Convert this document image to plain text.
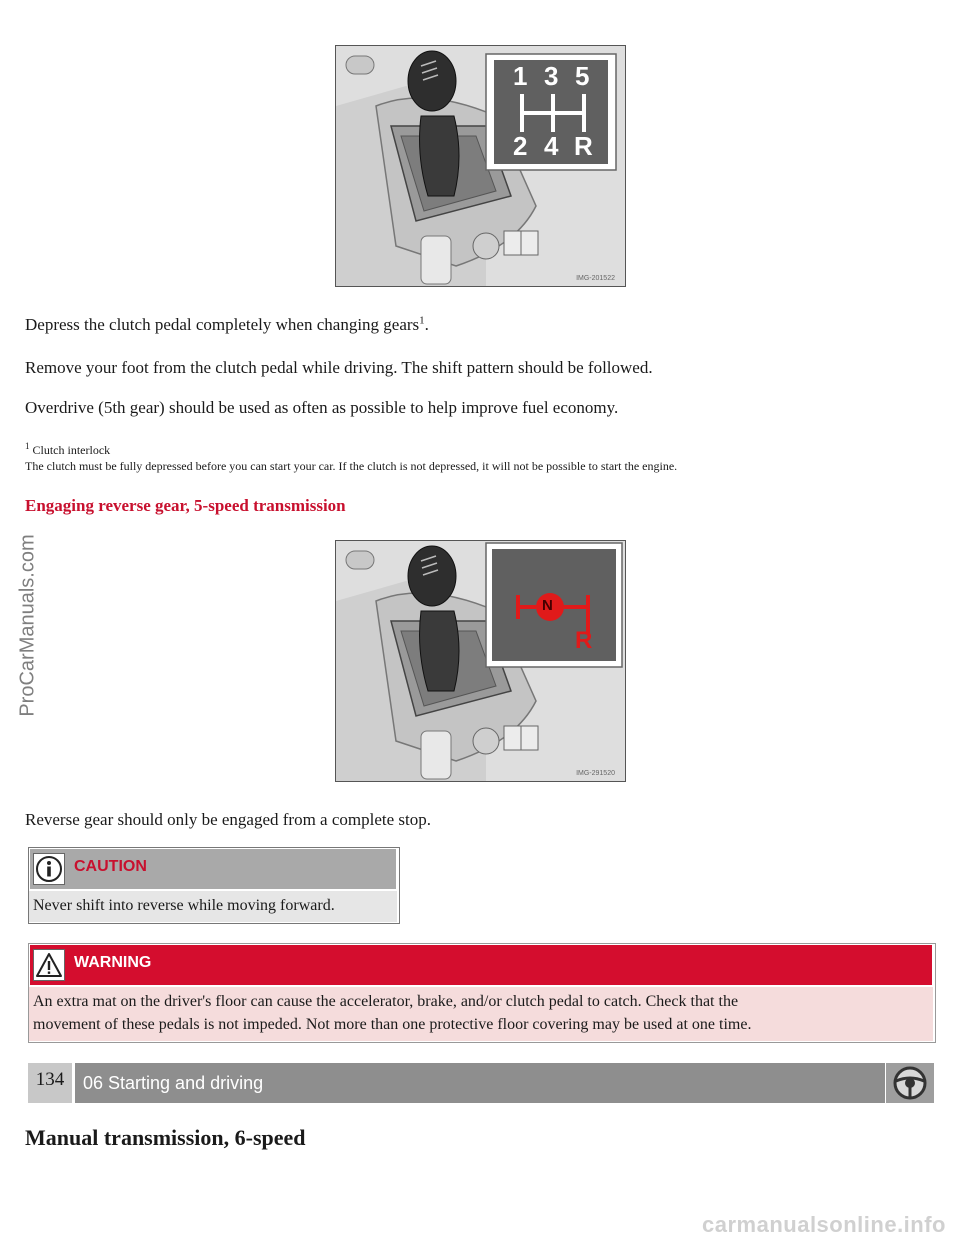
1 3 5
2 4 R
IMG-201522
Depress the clutch pedal completely when changing gears$^1$.
Remove your foot from the clutch pedal while driving. The shift pattern should be followed.
Overdrive (5th gear) should be used as often as possible to help improve fuel economy.
$^1$ Clutch interlock
The clutch must be fully depressed before you can start your car. If the clutch is not depressed, it will not be possible to start the engine.
Engaging reverse gear, 5-speed transmission
N
R
IMG-291520
Reverse gear should only be engaged from a complete stop.
CAUTION
Never shift into reverse while moving forward.
WARNING
An extra mat on the driver's floor can cause the accelerator, brake, and/or clutch pedal to catch. Check that the
movement of these pedals is not impeded. Not more than one protective floor covering may be used at one time.
134	06 Starting and driving
Manual transmission, 6-speed
ProCarManuals.com
carmanualsonline.info
